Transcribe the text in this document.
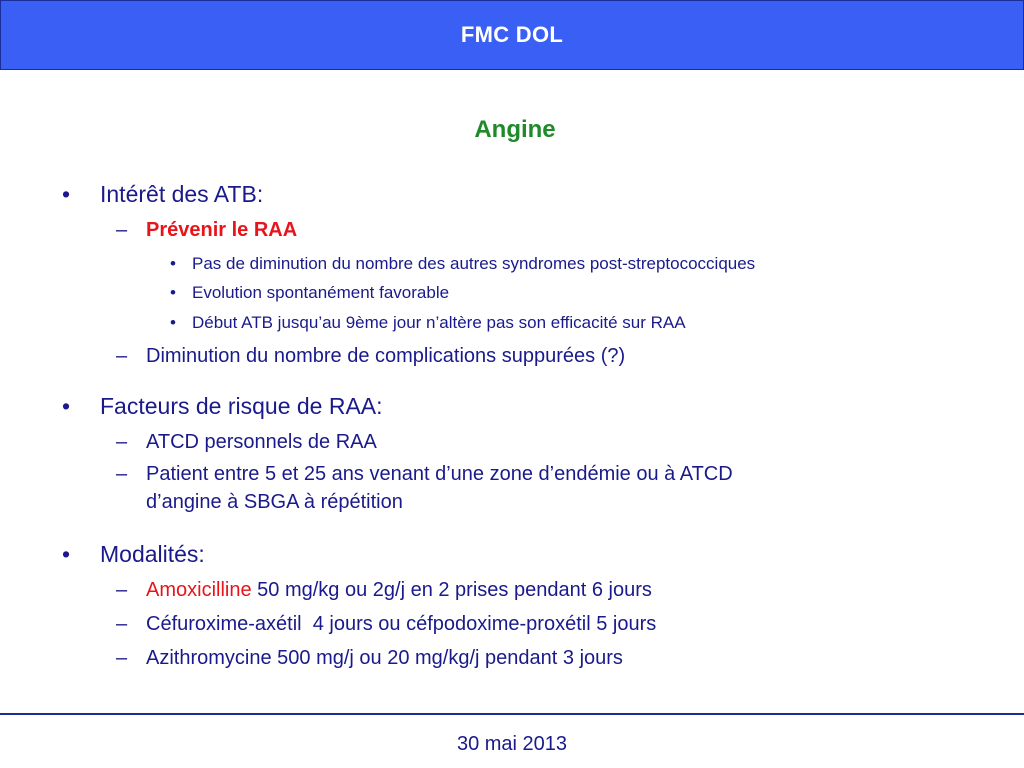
FMC DOL
Angine
• Intérêt des ATB:
– Prévenir le RAA
• Pas de diminution du nombre des autres syndromes post-streptococciques
• Evolution spontanément favorable
• Début ATB jusqu’au 9ème jour n’altère pas son efficacité sur RAA
– Diminution du nombre de complications suppurées (?)
• Facteurs de risque de RAA:
– ATCD personnels de RAA
– Patient entre 5 et 25 ans venant d’une zone d’endémie ou à ATCD
d’angine à SBGA à répétition
• Modalités:
– Amoxicilline 50 mg/kg ou 2g/j en 2 prises pendant 6 jours
– Céfuroxime-axétil  4 jours ou céfpodoxime-proxétil 5 jours
– Azithromycine 500 mg/j ou 20 mg/kg/j pendant 3 jours
30 mai 2013
